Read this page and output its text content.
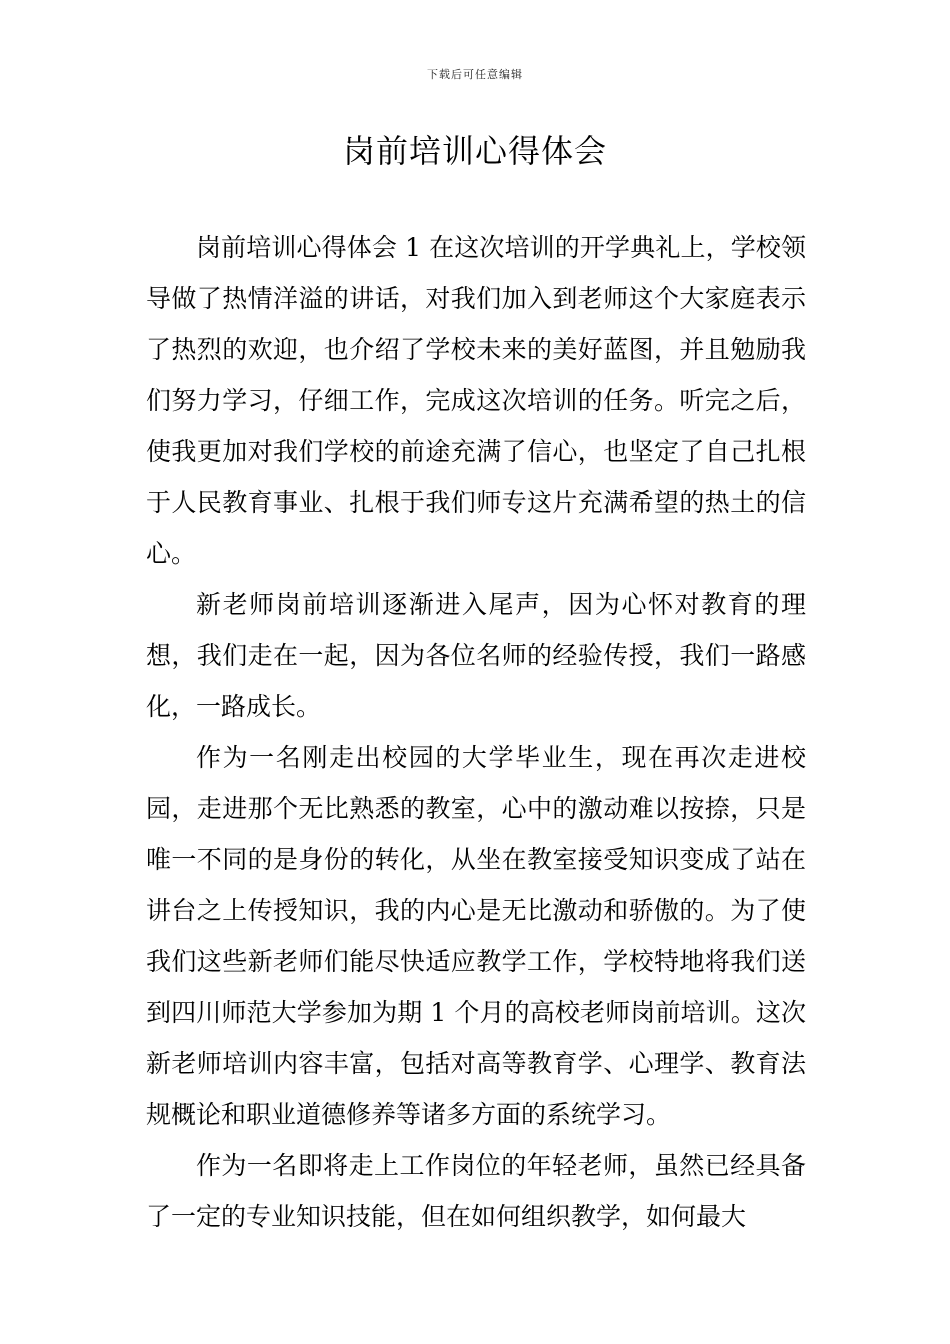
下载后可任意编辑
岗前培训心得体会

岗前培训心得体会 1 在这次培训的开学典礼上，学校领导做了热情洋溢的讲话，对我们加入到老师这个大家庭表示了热烈的欢迎，也介绍了学校未来的美好蓝图，并且勉励我们努力学习，仔细工作，完成这次培训的任务。听完之后，使我更加对我们学校的前途充满了信心，也坚定了自己扎根于人民教育事业、扎根于我们师专这片充满希望的热土的信心。

新老师岗前培训逐渐进入尾声，因为心怀对教育的理想，我们走在一起，因为各位名师的经验传授，我们一路感化，一路成长。

作为一名刚走出校园的大学毕业生，现在再次走进校园，走进那个无比熟悉的教室，心中的激动难以按捺，只是唯一不同的是身份的转化，从坐在教室接受知识变成了站在讲台之上传授知识，我的内心是无比激动和骄傲的。为了使我们这些新老师们能尽快适应教学工作，学校特地将我们送到四川师范大学参加为期 1 个月的高校老师岗前培训。这次新老师培训内容丰富，包括对高等教育学、心理学、教育法规概论和职业道德修养等诸多方面的系统学习。

作为一名即将走上工作岗位的年轻老师，虽然已经具备了一定的专业知识技能，但在如何组织教学，如何最大
